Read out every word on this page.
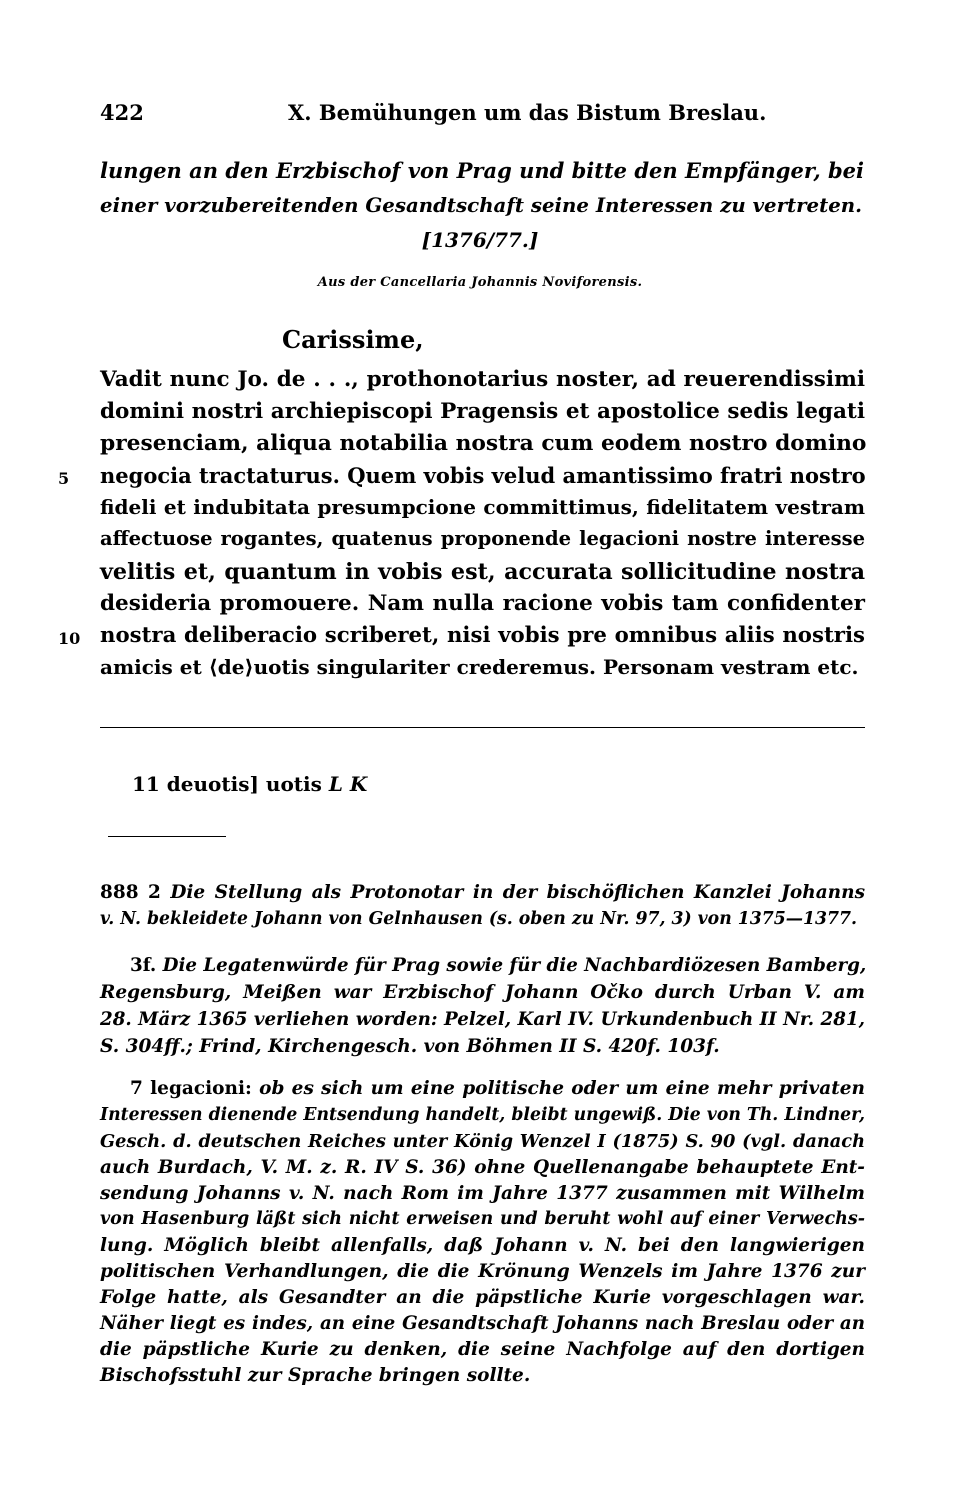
422	X. Bemühungen um das Bistum Breslau.
lungen an den Erzbischof von Prag und bitte den Empfänger, bei
einer vorzubereitenden Gesandtschaft seine Interessen zu vertreten.
[1376/77.]
Aus der Cancellaria Johannis Noviforensis.
Carissime,
Vadit nunc Jo. de . . ., prothonotarius noster, ad reuerendissimi
domini nostri archiepiscopi Pragensis et apostolice sedis legati
presenciam, aliqua notabilia nostra cum eodem nostro domino
5 negocia tractaturus. Quem vobis velud amantissimo fratri nostro
fideli et indubitata presumpcione committimus, fidelitatem vestram
affectuose rogantes, quatenus proponende legacioni nostre interesse
velitis et, quantum in vobis est, accurata sollicitudine nostra
desideria promouere. Nam nulla racione vobis tam confidenter
10 nostra deliberacio scriberet, nisi vobis pre omnibus aliis nostris
amicis et ⟨de⟩uotis singulariter crederemus. Personam vestram etc.
11 deuotis] uotis L K
888 2 Die Stellung als Protonotar in der bischöflichen Kanzlei Johanns
v. N. bekleidete Johann von Gelnhausen (s. oben zu Nr. 97, 3) von 1375—1377.
3f. Die Legatenwürde für Prag sowie für die Nachbardiözesen Bamberg,
Regensburg, Meißen war Erzbischof Johann Očko durch Urban V. am
28. März 1365 verliehen worden: Pelzel, Karl IV. Urkundenbuch II Nr. 281,
S. 304ff.; Frind, Kirchengesch. von Böhmen II S. 420f. 103f.
7 legacioni: ob es sich um eine politische oder um eine mehr privaten
Interessen dienende Entsendung handelt, bleibt ungewiß. Die von Th. Lindner,
Gesch. d. deutschen Reiches unter König Wenzel I (1875) S. 90 (vgl. danach
auch Burdach, V. M. z. R. IV S. 36) ohne Quellenangabe behauptete Ent-
sendung Johanns v. N. nach Rom im Jahre 1377 zusammen mit Wilhelm
von Hasenburg läßt sich nicht erweisen und beruht wohl auf einer Verwechs-
lung. Möglich bleibt allenfalls, daß Johann v. N. bei den langwierigen
politischen Verhandlungen, die die Krönung Wenzels im Jahre 1376 zur
Folge hatte, als Gesandter an die päpstliche Kurie vorgeschlagen war.
Näher liegt es indes, an eine Gesandtschaft Johanns nach Breslau oder an
die päpstliche Kurie zu denken, die seine Nachfolge auf den dortigen
Bischofsstuhl zur Sprache bringen sollte.
